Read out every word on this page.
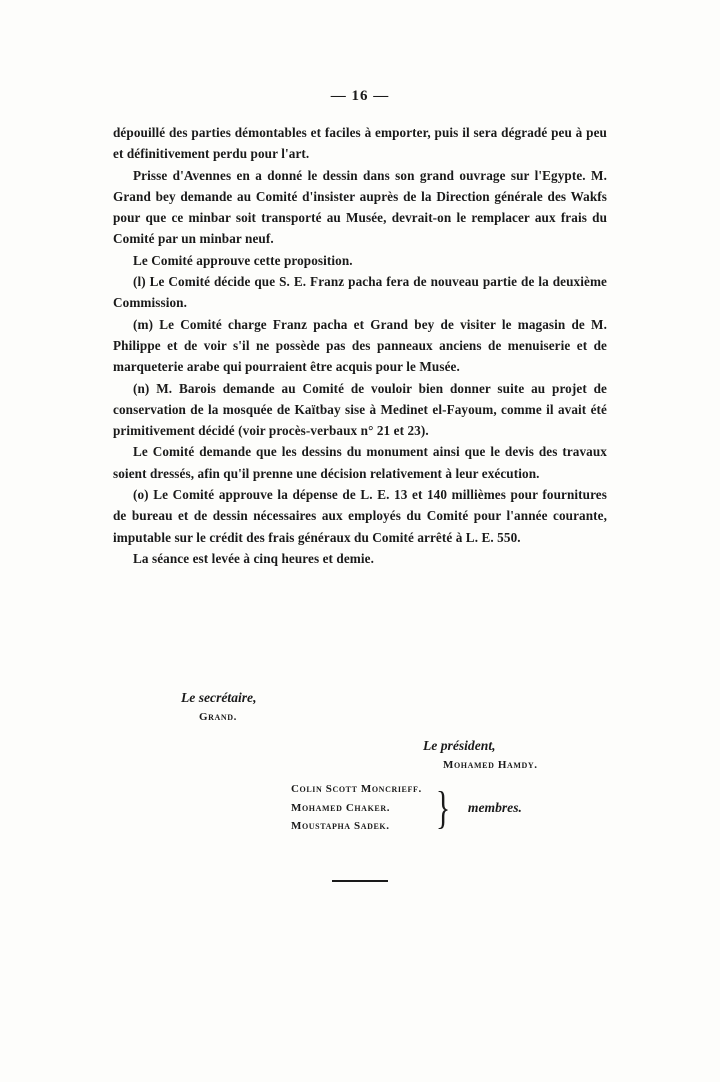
— 16 —

dépouillé des parties démontables et faciles à emporter, puis il sera dégradé peu à peu et définitivement perdu pour l'art.

Prisse d'Avennes en a donné le dessin dans son grand ouvrage sur l'Egypte. M. Grand bey demande au Comité d'insister auprès de la Direction générale des Wakfs pour que ce minbar soit transporté au Musée, devrait-on le remplacer aux frais du Comité par un minbar neuf.

Le Comité approuve cette proposition.

(l) Le Comité décide que S. E. Franz pacha fera de nouveau partie de la deuxième Commission.

(m) Le Comité charge Franz pacha et Grand bey de visiter le magasin de M. Philippe et de voir s'il ne possède pas des panneaux anciens de menuiserie et de marqueterie arabe qui pourraient être acquis pour le Musée.

(n) M. Barois demande au Comité de vouloir bien donner suite au projet de conservation de la mosquée de Kaïtbay sise à Medinet el-Fayoum, comme il avait été primitivement décidé (voir procès-verbaux n° 21 et 23).

Le Comité demande que les dessins du monument ainsi que le devis des travaux soient dressés, afin qu'il prenne une décision relativement à leur exécution.

(o) Le Comité approuve la dépense de L. E. 13 et 140 millièmes pour fournitures de bureau et de dessin nécessaires aux employés du Comité pour l'année courante, imputable sur le crédit des frais généraux du Comité arrêté à L. E. 550.

La séance est levée à cinq heures et demie.

Le secrétaire,
Grand.
Le président,
Mohamed Hamdy.
Colin Scott Moncrieff.
Mohamed Chaker.
Moustapha Sadek.	} membres.
